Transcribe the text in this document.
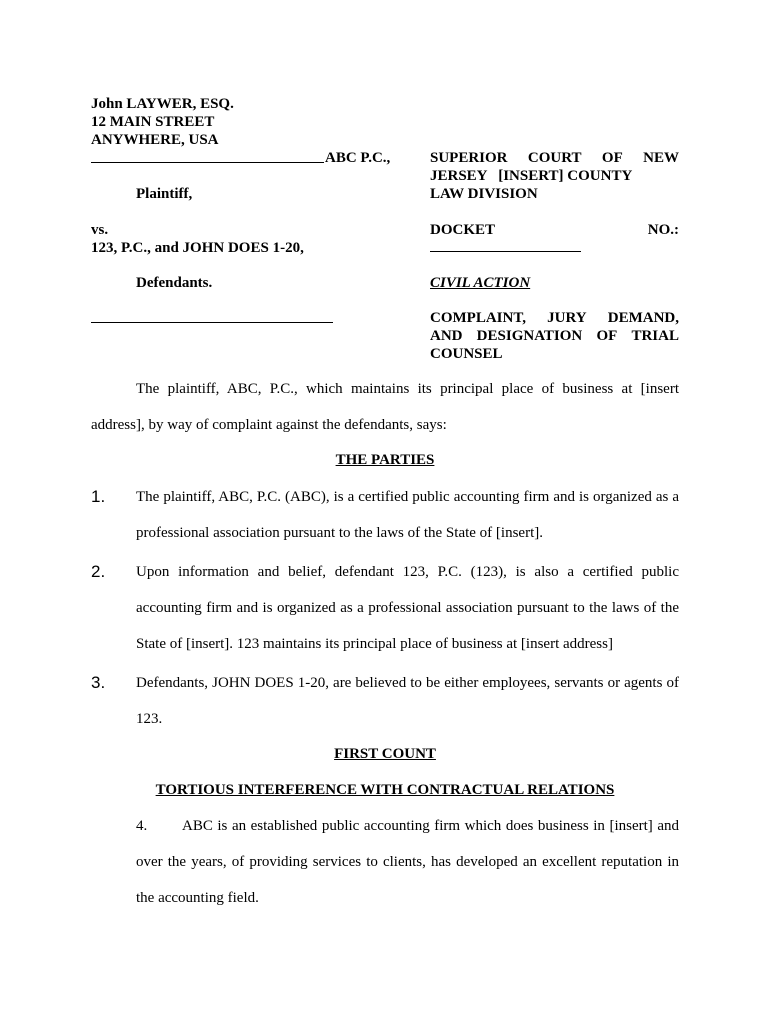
John LAYWER, ESQ.
12 MAIN STREET
ANYWHERE, USA
ABC P.C.,
Plaintiff,
vs.
123, P.C., and JOHN DOES 1-20,
Defendants.
SUPERIOR COURT OF NEW
JERSEY   [INSERT] COUNTY
LAW DIVISION
DOCKET	NO.:
CIVIL ACTION
COMPLAINT, JURY DEMAND,
AND DESIGNATION OF TRIAL
COUNSEL
The plaintiff, ABC, P.C., which maintains its principal place of business at [insert address], by way of complaint against the defendants, says:
THE PARTIES
1. The plaintiff, ABC, P.C. (ABC), is a certified public accounting firm and is organized as a professional association pursuant to the laws of the State of [insert].
2. Upon information and belief, defendant 123, P.C. (123), is also a certified public accounting firm and is organized as a professional association pursuant to the laws of the State of [insert]. 123 maintains its principal place of business at [insert address]
3. Defendants, JOHN DOES 1-20, are believed to be either employees, servants or agents of 123.
FIRST COUNT
TORTIOUS INTERFERENCE WITH CONTRACTUAL RELATIONS
4.	ABC is an established public accounting firm which does business in [insert] and over the years, of providing services to clients, has developed an excellent reputation in the accounting field.
